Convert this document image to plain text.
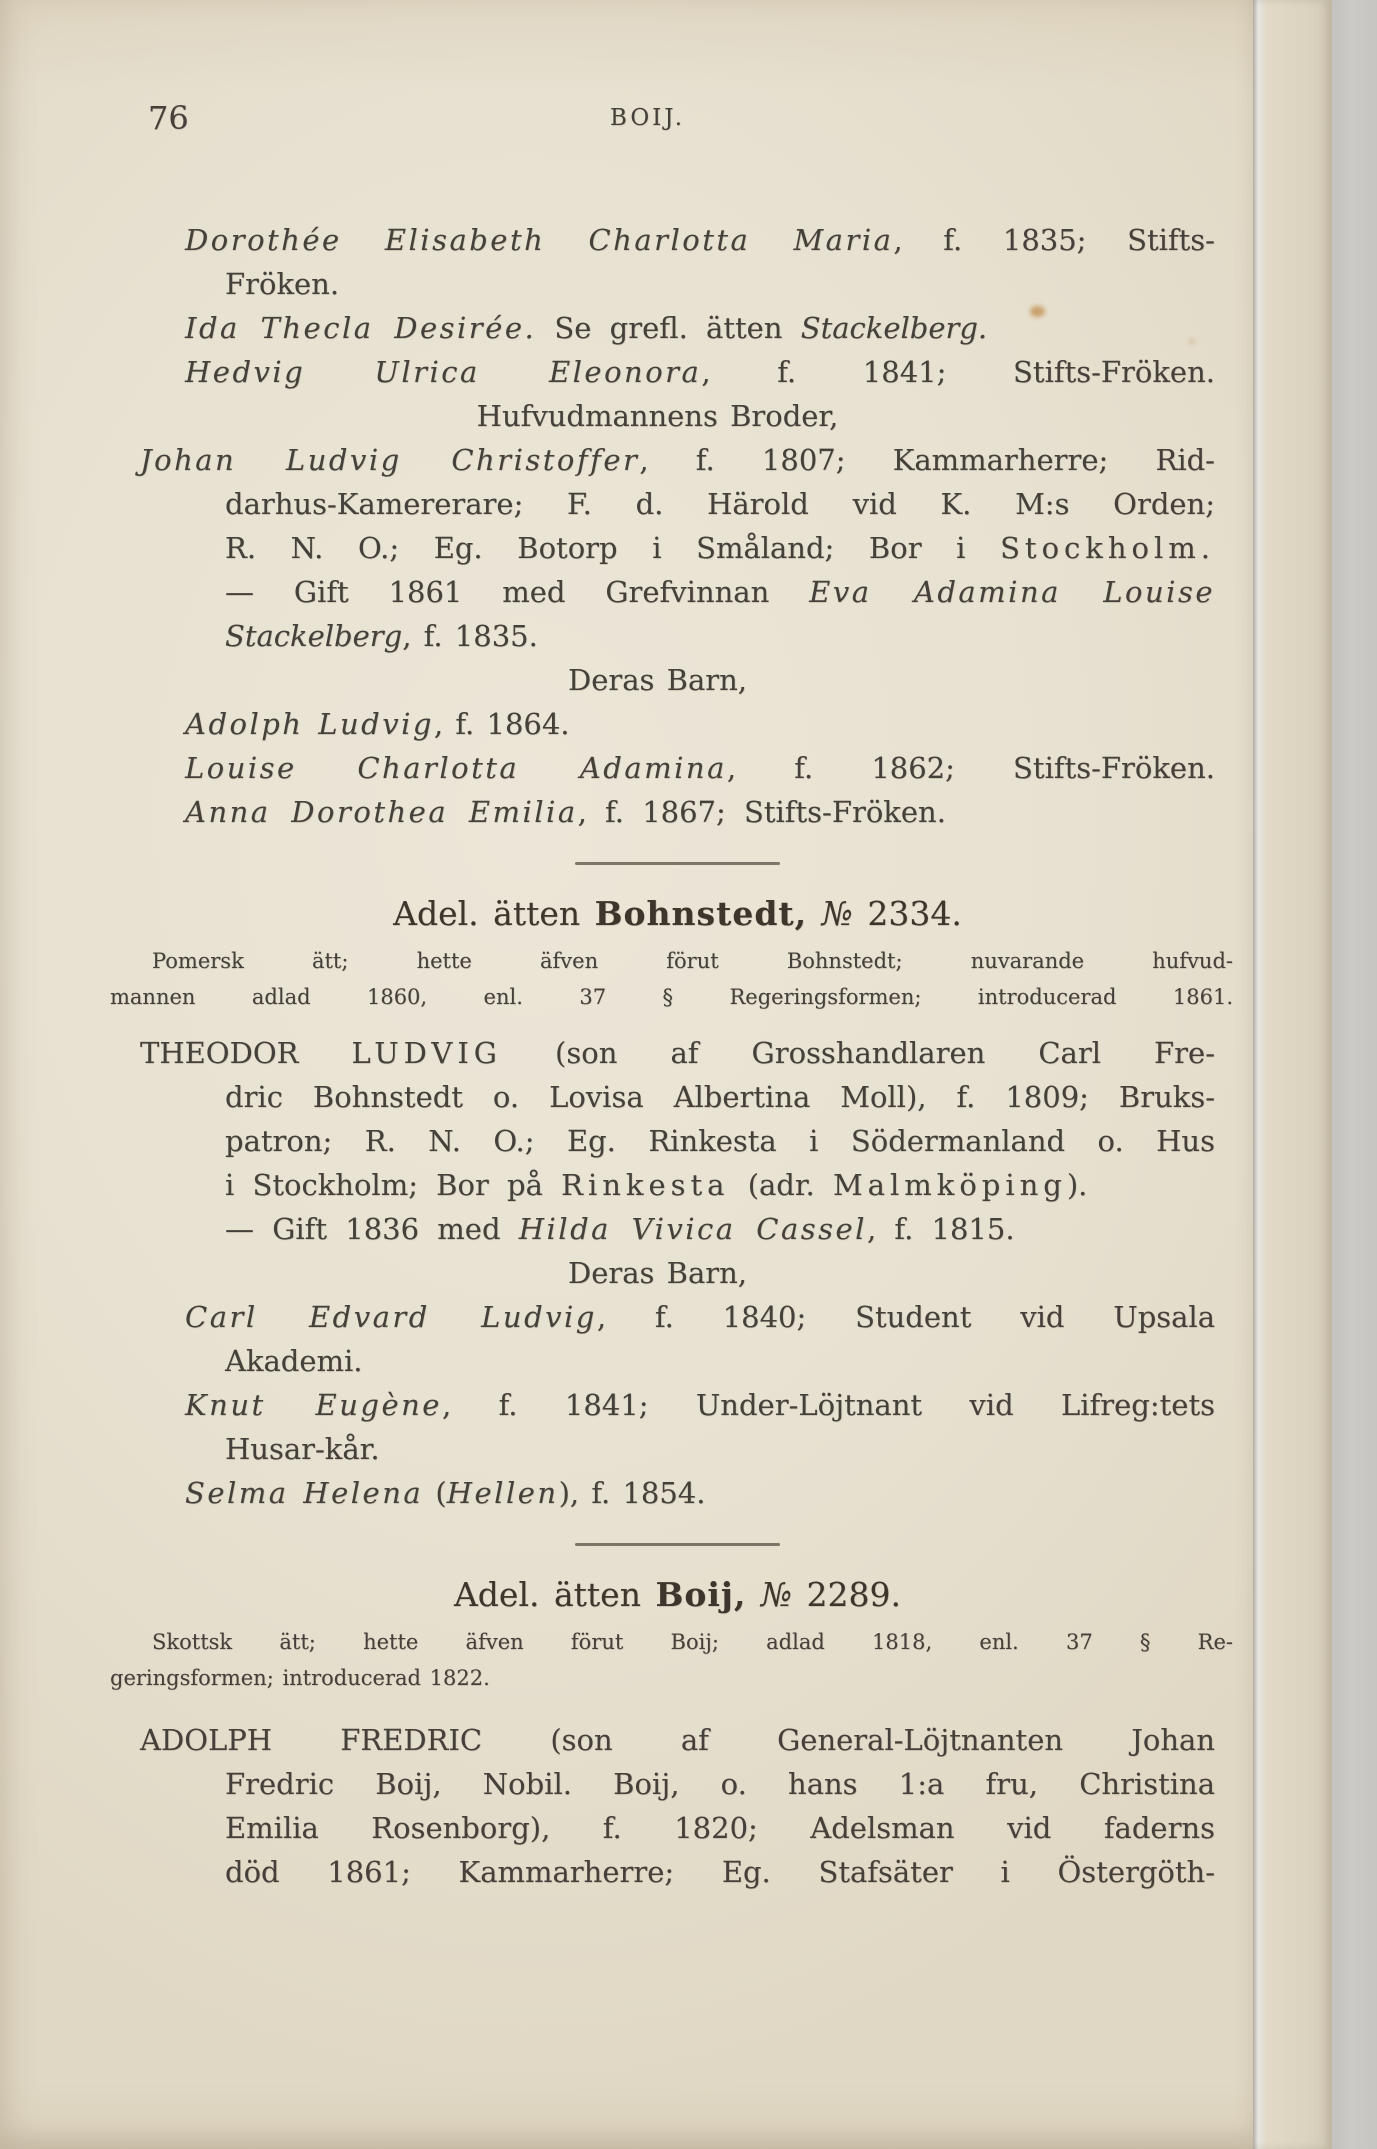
76	BOIJ.
Dorothée Elisabeth Charlotta Maria, f. 1835; Stifts-
Fröken.
Ida Thecla Desirée. Se grefl. ätten Stackelberg.
Hedvig Ulrica Eleonora, f. 1841; Stifts-Fröken.
Hufvudmannens Broder,
Johan Ludvig Christoffer, f. 1807; Kammarherre; Rid-
darhus-Kamererare; F. d. Härold vid K. M:s Orden;
R. N. O.; Eg. Botorp i Småland; Bor i Stockholm.
— Gift 1861 med Grefvinnan Eva Adamina Louise
Stackelberg, f. 1835.
Deras Barn,
Adolph Ludvig, f. 1864.
Louise Charlotta Adamina, f. 1862; Stifts-Fröken.
Anna Dorothea Emilia, f. 1867; Stifts-Fröken.
Adel. ätten Bohnstedt, № 2334.
Pomersk ätt; hette äfven förut Bohnstedt; nuvarande hufvud-
mannen adlad 1860, enl. 37 § Regeringsformen; introducerad 1861.
THEODOR LUDVIG (son af Grosshandlaren Carl Fre-
dric Bohnstedt o. Lovisa Albertina Moll), f. 1809; Bruks-
patron; R. N. O.; Eg. Rinkesta i Södermanland o. Hus
i Stockholm; Bor på Rinkesta (adr. Malmköping).
— Gift 1836 med Hilda Vivica Cassel, f. 1815.
Deras Barn,
Carl Edvard Ludvig, f. 1840; Student vid Upsala
Akademi.
Knut Eugène, f. 1841; Under-Löjtnant vid Lifreg:tets
Husar-kår.
Selma Helena (Hellen), f. 1854.
Adel. ätten Boij, № 2289.
Skottsk ätt; hette äfven förut Boij; adlad 1818, enl. 37 § Re-
geringsformen; introducerad 1822.
ADOLPH FREDRIC (son af General-Löjtnanten Johan
Fredric Boij, Nobil. Boij, o. hans 1:a fru, Christina
Emilia Rosenborg), f. 1820; Adelsman vid faderns
död 1861; Kammarherre; Eg. Stafsäter i Östergöth-
